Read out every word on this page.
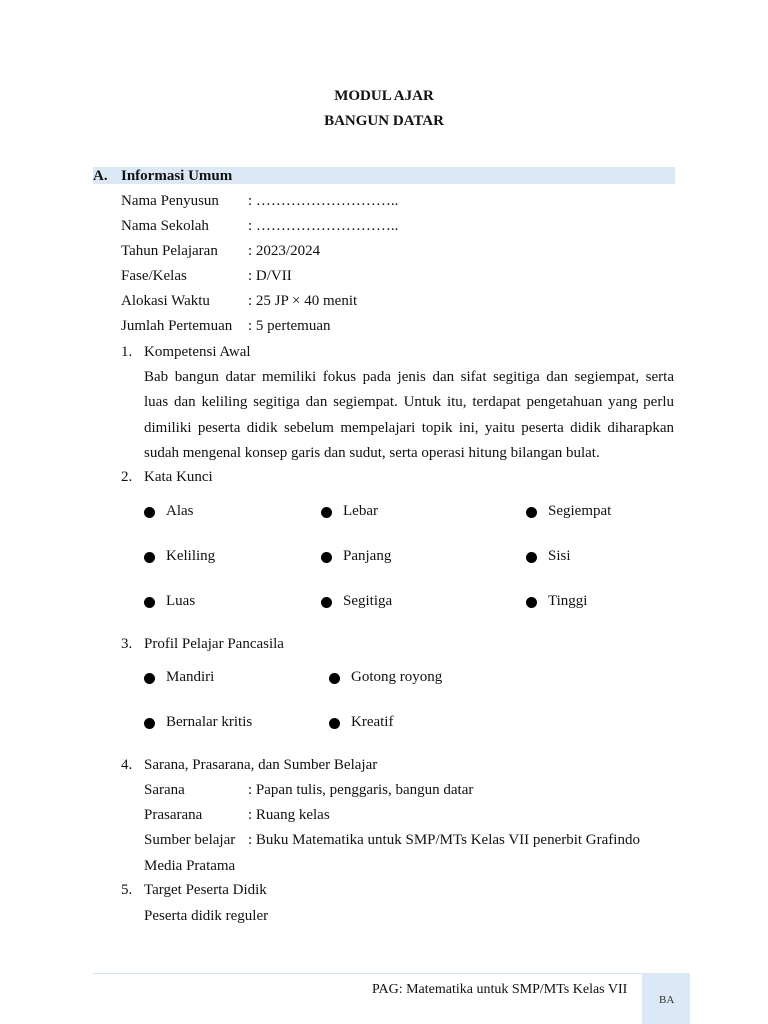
MODUL AJAR
BANGUN DATAR
A. Informasi Umum
Nama Penyusun : ………………………..
Nama Sekolah	: ………………………..
Tahun Pelajaran : 2023/2024
Fase/Kelas	: D/VII
Alokasi Waktu	: 25 JP × 40 menit
Jumlah Pertemuan : 5 pertemuan
1. Kompetensi Awal
Bab bangun datar memiliki fokus pada jenis dan sifat segitiga dan segiempat, serta
luas dan keliling segitiga dan segiempat. Untuk itu, terdapat pengetahuan yang perlu
dimiliki peserta didik sebelum mempelajari topik ini, yaitu peserta didik diharapkan
sudah mengenal konsep garis dan sudut, serta operasi hitung bilangan bulat.
2. Kata Kunci
Alas	Lebar	Segiempat
Keliling	Panjang	Sisi
Luas	Segitiga	Tinggi
3. Profil Pelajar Pancasila
Mandiri	Gotong royong
Bernalar kritis	Kreatif
4. Sarana, Prasarana, dan Sumber Belajar
Sarana	: Papan tulis, penggaris, bangun datar
Prasarana	: Ruang kelas
Sumber belajar : Buku Matematika untuk SMP/MTs Kelas VII penerbit Grafindo
Media Pratama
5. Target Peserta Didik
Peserta didik reguler
PAG: Matematika untuk SMP/MTs Kelas VII
BA
